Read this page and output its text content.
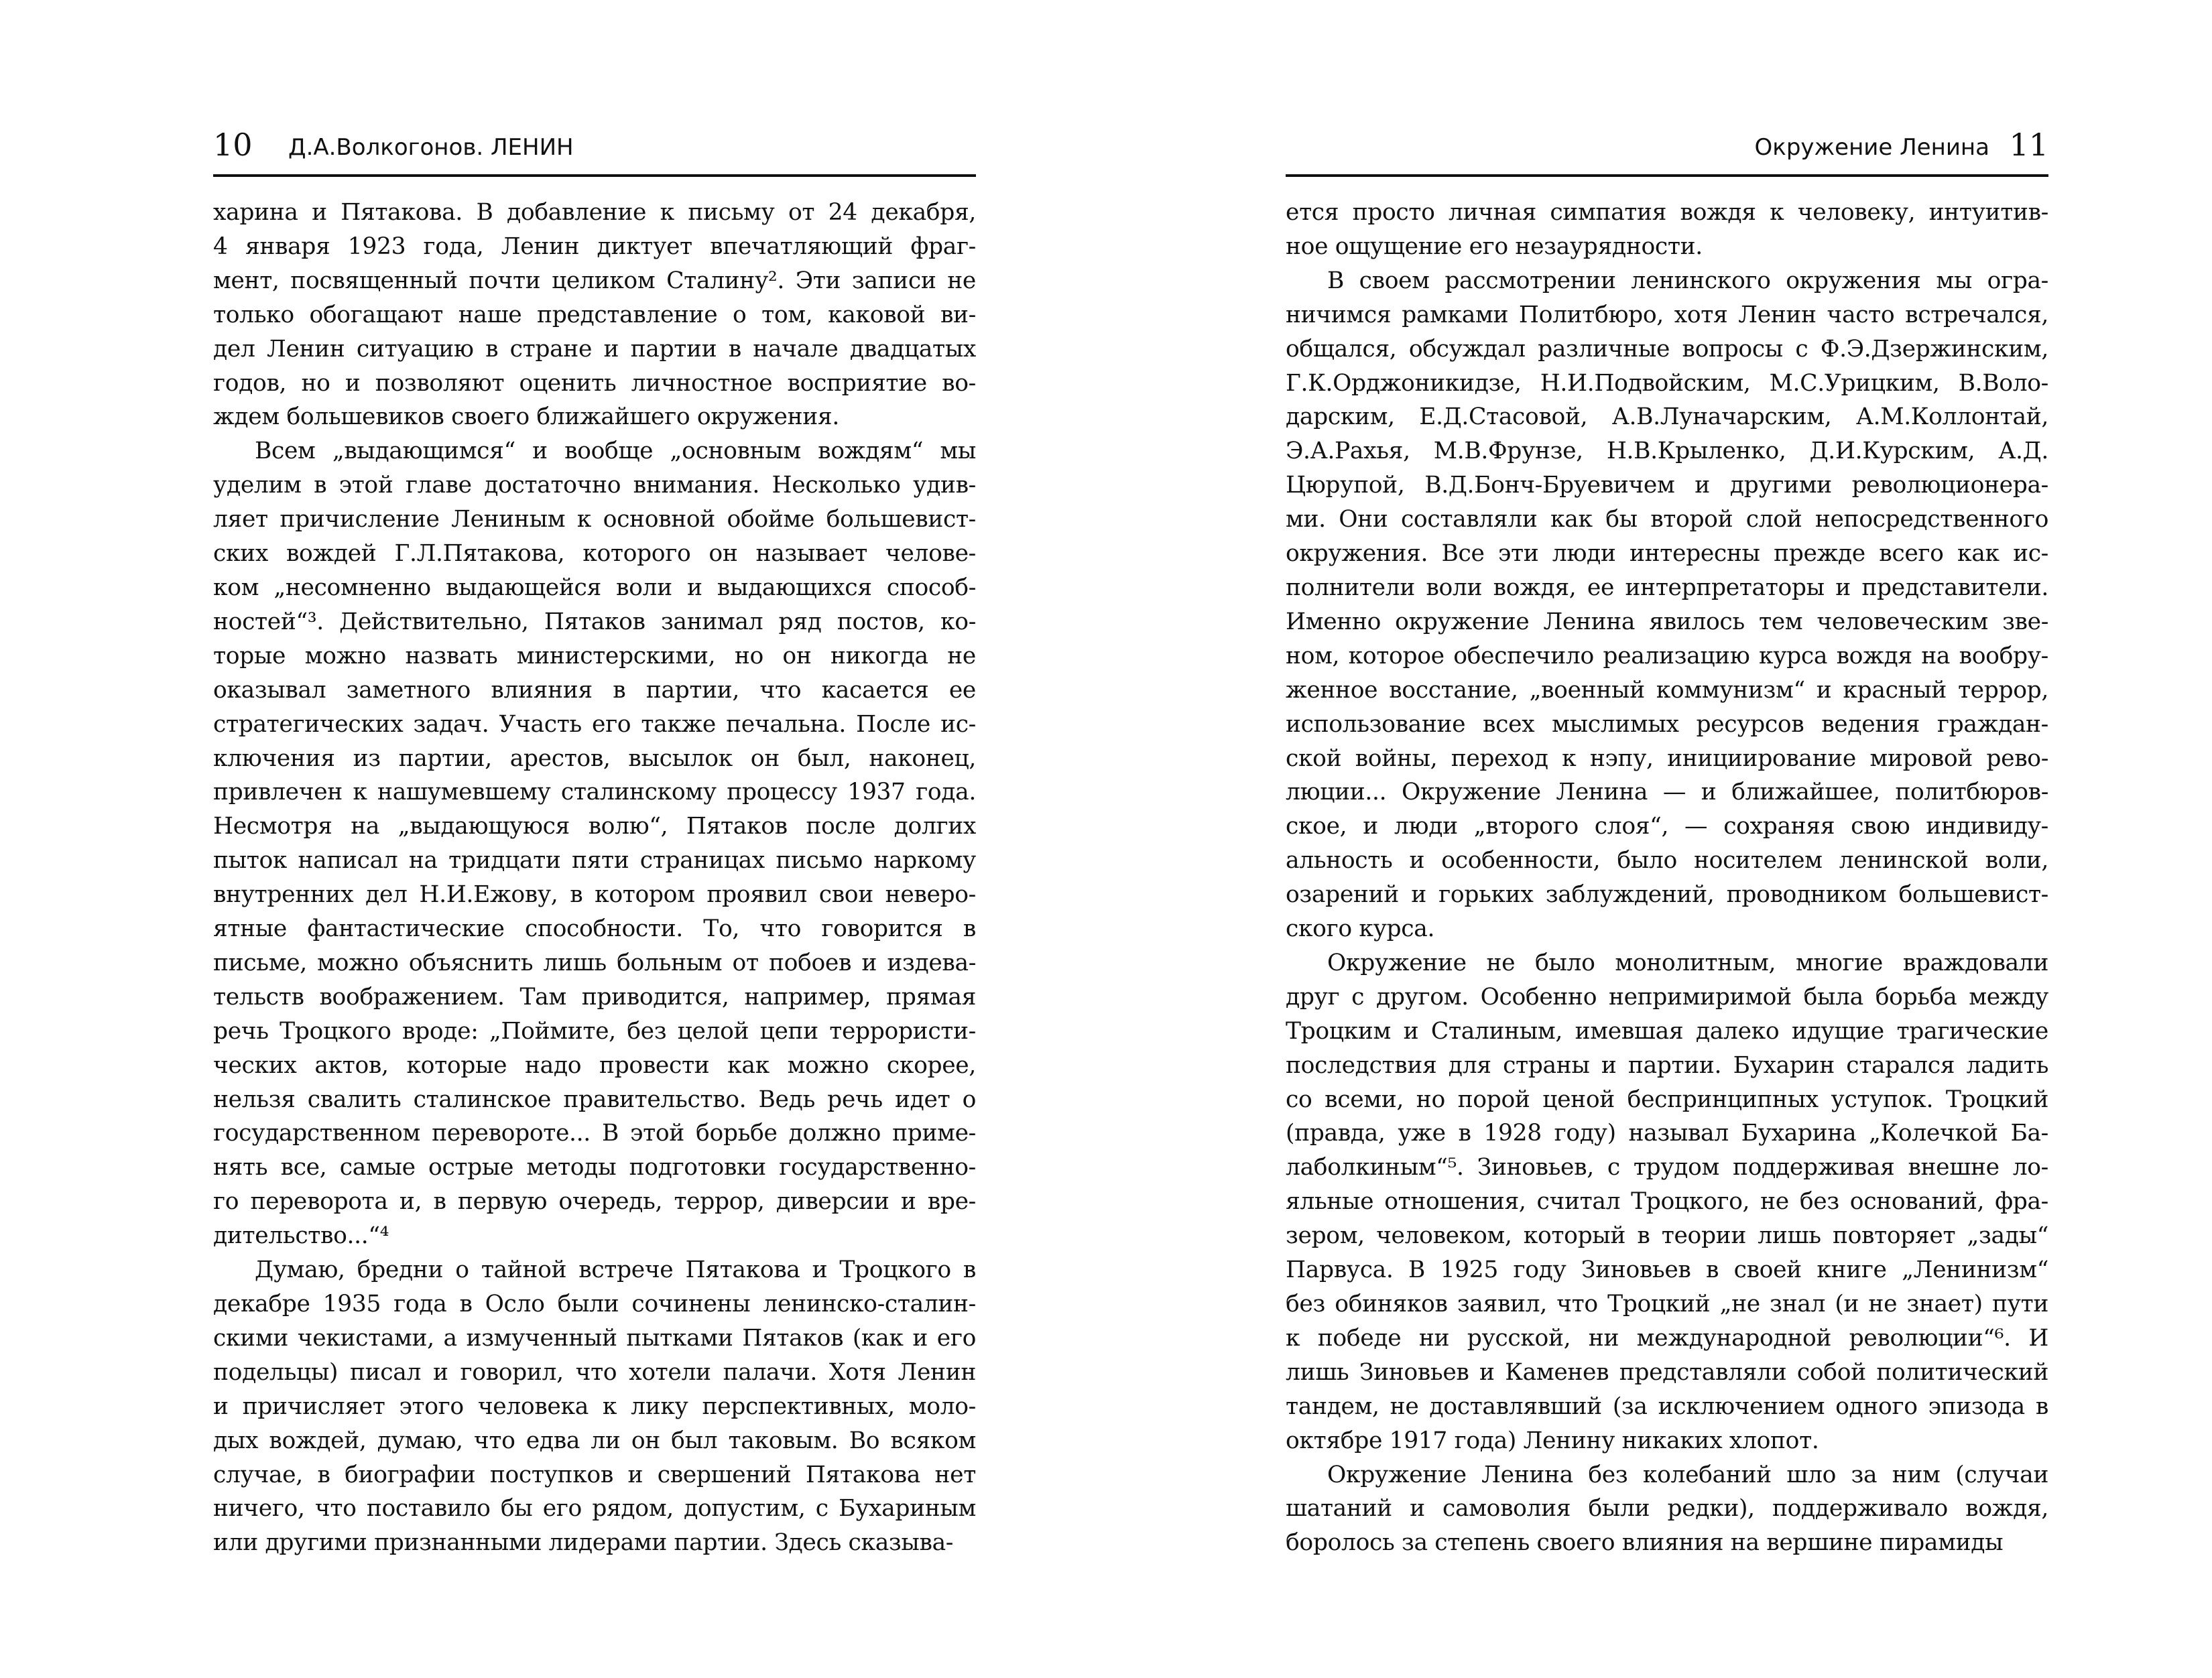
10 Д.А.Волкогонов. ЛЕНИН
харина и Пятакова. В добавление к письму от 24 декабря,
4 января 1923 года, Ленин диктует впечатляющий фраг-
мент, посвященный почти целиком Сталину². Эти записи не
только обогащают наше представление о том, каковой ви-
дел Ленин ситуацию в стране и партии в начале двадцатых
годов, но и позволяют оценить личностное восприятие во-
ждем большевиков своего ближайшего окружения.
Всем „выдающимся“ и вообще „основным вождям“ мы
уделим в этой главе достаточно внимания. Несколько удив-
ляет причисление Лениным к основной обойме большевист-
ских вождей Г.Л.Пятакова, которого он называет челове-
ком „несомненно выдающейся воли и выдающихся способ-
ностей“³. Действительно, Пятаков занимал ряд постов, ко-
торые можно назвать министерскими, но он никогда не
оказывал заметного влияния в партии, что касается ее
стратегических задач. Участь его также печальна. После ис-
ключения из партии, арестов, высылок он был, наконец,
привлечен к нашумевшему сталинскому процессу 1937 года.
Несмотря на „выдающуюся волю“, Пятаков после долгих
пыток написал на тридцати пяти страницах письмо наркому
внутренних дел Н.И.Ежову, в котором проявил свои неверо-
ятные фантастические способности. То, что говорится в
письме, можно объяснить лишь больным от побоев и издева-
тельств воображением. Там приводится, например, прямая
речь Троцкого вроде: „Поймите, без целой цепи террористи-
ческих актов, которые надо провести как можно скорее,
нельзя свалить сталинское правительство. Ведь речь идет о
государственном перевороте... В этой борьбе должно приме-
нять все, самые острые методы подготовки государственно-
го переворота и, в первую очередь, террор, диверсии и вре-
дительство...“⁴
Думаю, бредни о тайной встрече Пятакова и Троцкого в
декабре 1935 года в Осло были сочинены ленинско-сталин-
скими чекистами, а измученный пытками Пятаков (как и его
подельцы) писал и говорил, что хотели палачи. Хотя Ленин
и причисляет этого человека к лику перспективных, моло-
дых вождей, думаю, что едва ли он был таковым. Во всяком
случае, в биографии поступков и свершений Пятакова нет
ничего, что поставило бы его рядом, допустим, с Бухариным
или другими признанными лидерами партии. Здесь сказыва-
Окружение Ленина 11
ется просто личная симпатия вождя к человеку, интуитив-
ное ощущение его незаурядности.
В своем рассмотрении ленинского окружения мы огра-
ничимся рамками Политбюро, хотя Ленин часто встречался,
общался, обсуждал различные вопросы с Ф.Э.Дзержинским,
Г.К.Орджоникидзе, Н.И.Подвойским, М.С.Урицким, В.Воло-
дарским, Е.Д.Стасовой, А.В.Луначарским, А.М.Коллонтай,
Э.А.Рахья, М.В.Фрунзе, Н.В.Крыленко, Д.И.Курским, А.Д.
Цюрупой, В.Д.Бонч-Бруевичем и другими революционера-
ми. Они составляли как бы второй слой непосредственного
окружения. Все эти люди интересны прежде всего как ис-
полнители воли вождя, ее интерпретаторы и представители.
Именно окружение Ленина явилось тем человеческим зве-
ном, которое обеспечило реализацию курса вождя на вообру-
женное восстание, „военный коммунизм“ и красный террор,
использование всех мыслимых ресурсов ведения граждан-
ской войны, переход к нэпу, инициирование мировой рево-
люции... Окружение Ленина — и ближайшее, политбюров-
ское, и люди „второго слоя“, — сохраняя свою индивиду-
альность и особенности, было носителем ленинской воли,
озарений и горьких заблуждений, проводником большевист-
ского курса.
Окружение не было монолитным, многие враждовали
друг с другом. Особенно непримиримой была борьба между
Троцким и Сталиным, имевшая далеко идущие трагические
последствия для страны и партии. Бухарин старался ладить
со всеми, но порой ценой беспринципных уступок. Троцкий
(правда, уже в 1928 году) называл Бухарина „Колечкой Ба-
лаболкиным“⁵. Зиновьев, с трудом поддерживая внешне ло-
яльные отношения, считал Троцкого, не без оснований, фра-
зером, человеком, который в теории лишь повторяет „зады“
Парвуса. В 1925 году Зиновьев в своей книге „Ленинизм“
без обиняков заявил, что Троцкий „не знал (и не знает) пути
к победе ни русской, ни международной революции“⁶. И
лишь Зиновьев и Каменев представляли собой политический
тандем, не доставлявший (за исключением одного эпизода в
октябре 1917 года) Ленину никаких хлопот.
Окружение Ленина без колебаний шло за ним (случаи
шатаний и самоволия были редки), поддерживало вождя,
боролось за степень своего влияния на вершине пирамиды
